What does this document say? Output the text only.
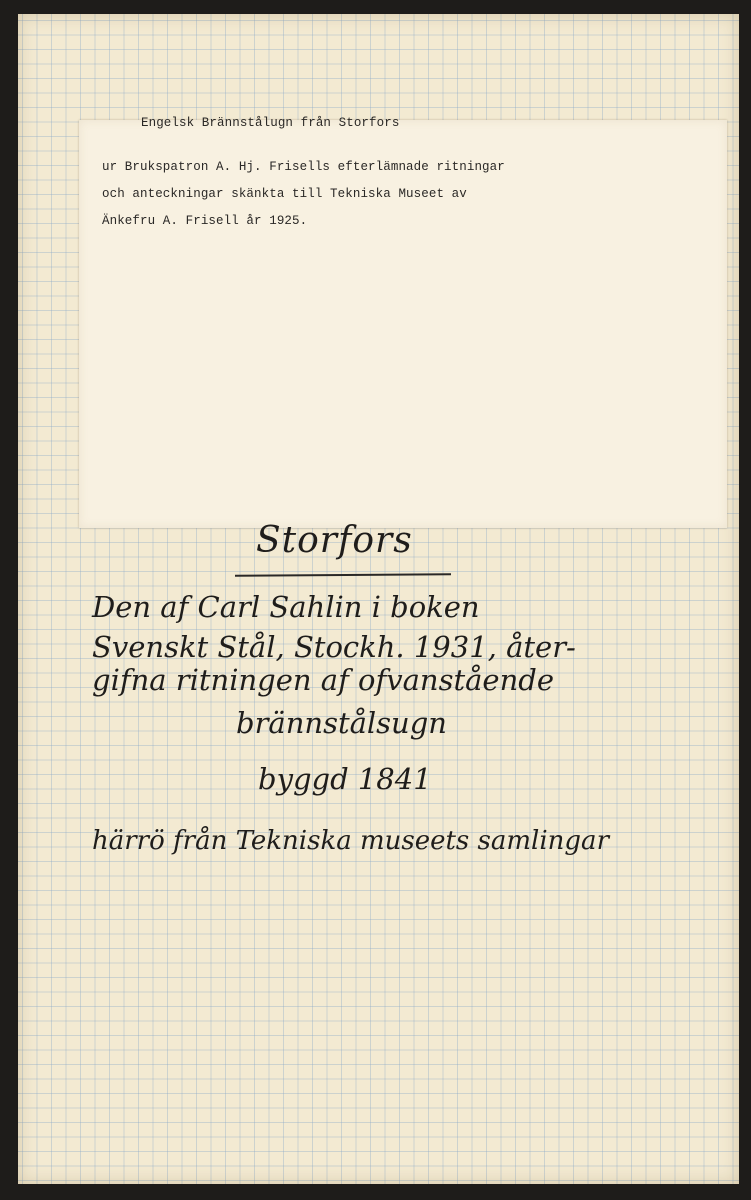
Engelsk Brännstålugn från Storfors

ur Brukspatron A. Hj. Frisells efterlämnade ritningar

och anteckningar skänkta till Tekniska Museet av

Änkefru A. Frisell år 1925.

Storfors

Den af Carl Sahlin i boken

Svenskt Stål, Stockh. 1931, åter-

gifna ritningen af ofvanstående

brännstålsugn

byggd 1841

härrö från Tekniska museets samlingar
